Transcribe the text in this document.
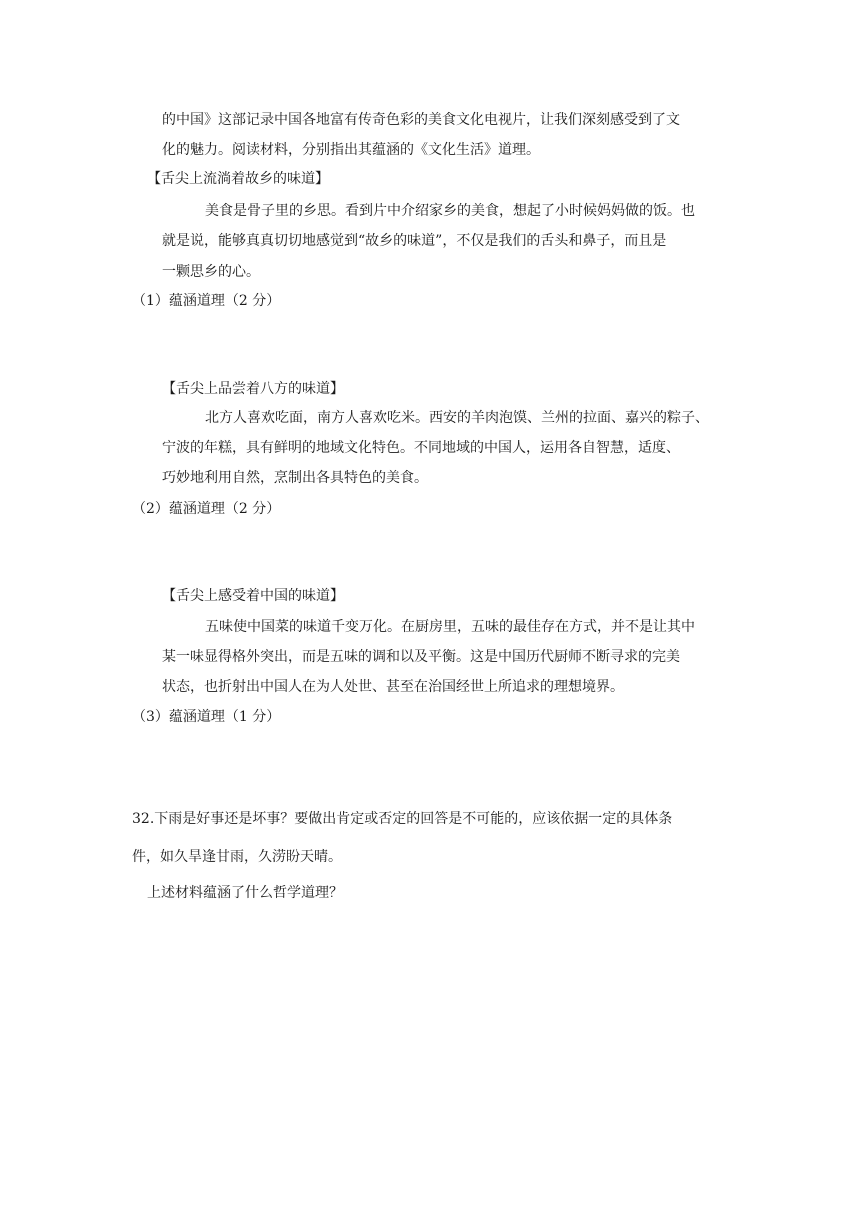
的中国》这部记录中国各地富有传奇色彩的美食文化电视片，让我们深刻感受到了文
化的魅力。阅读材料，分别指出其蕴涵的《文化生活》道理。
【舌尖上流淌着故乡的味道】
美食是骨子里的乡思。看到片中介绍家乡的美食，想起了小时候妈妈做的饭。也
就是说，能够真真切切地感觉到“故乡的味道”，不仅是我们的舌头和鼻子，而且是
一颗思乡的心。
（1）蕴涵道理（2 分）
【舌尖上品尝着八方的味道】
北方人喜欢吃面，南方人喜欢吃米。西安的羊肉泡馍、兰州的拉面、嘉兴的粽子、
宁波的年糕，具有鲜明的地域文化特色。不同地域的中国人，运用各自智慧，适度、
巧妙地利用自然，烹制出各具特色的美食。
（2）蕴涵道理（2 分）
【舌尖上感受着中国的味道】
五味使中国菜的味道千变万化。在厨房里，五味的最佳存在方式，并不是让其中
某一味显得格外突出，而是五味的调和以及平衡。这是中国历代厨师不断寻求的完美
状态，也折射出中国人在为人处世、甚至在治国经世上所追求的理想境界。
（3）蕴涵道理（1 分）
32.下雨是好事还是坏事？要做出肯定或否定的回答是不可能的，应该依据一定的具体条
件，如久旱逢甘雨，久涝盼天晴。
上述材料蕴涵了什么哲学道理？
